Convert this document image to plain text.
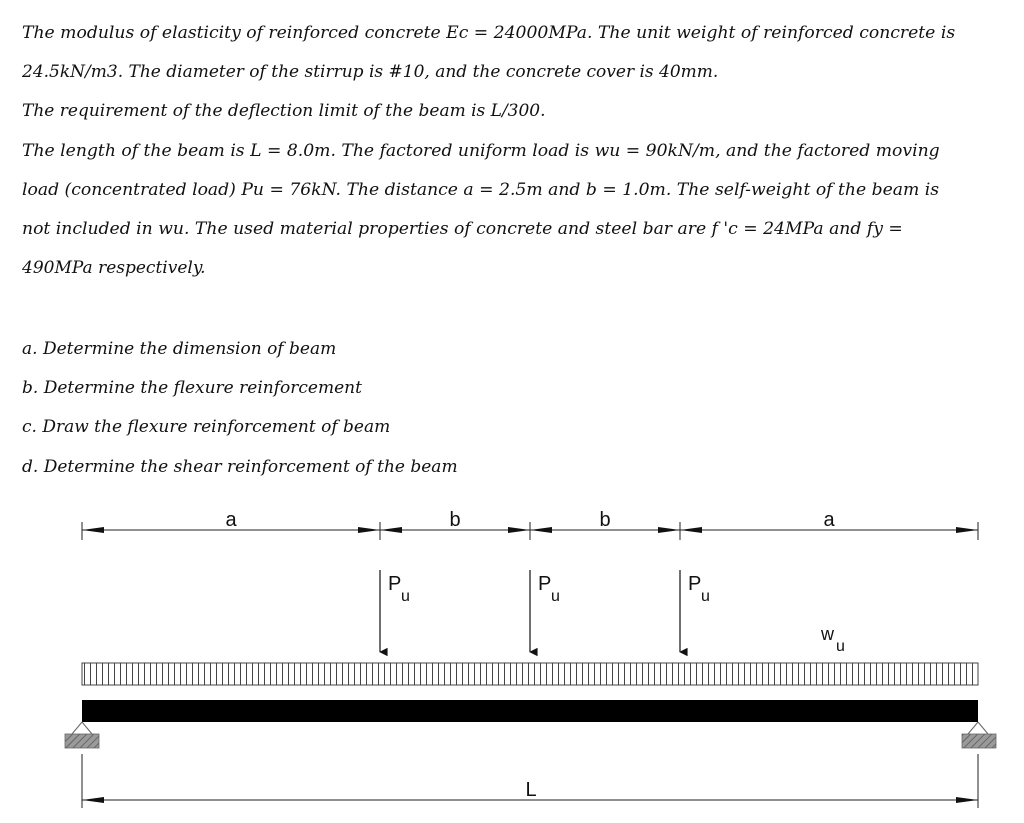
The modulus of elasticity of reinforced concrete Ec = 24000MPa. The unit weight of reinforced concrete is
24.5kN/m3. The diameter of the stirrup is #10, and the concrete cover is 40mm.
The requirement of the deflection limit of the beam is L/300.
The length of the beam is L = 8.0m. The factored uniform load is wu = 90kN/m, and the factored moving
load (concentrated load) Pu = 76kN. The distance a = 2.5m and b = 1.0m. The self-weight of the beam is
not included in wu. The used material properties of concrete and steel bar are f 'c = 24MPa and fy =
490MPa respectively.
a. Determine the dimension of beam
b. Determine the flexure reinforcement
c. Draw the flexure reinforcement of beam
d. Determine the shear reinforcement of the beam
a	b	b	a
P
u
P
u
P
u
w
u
L
